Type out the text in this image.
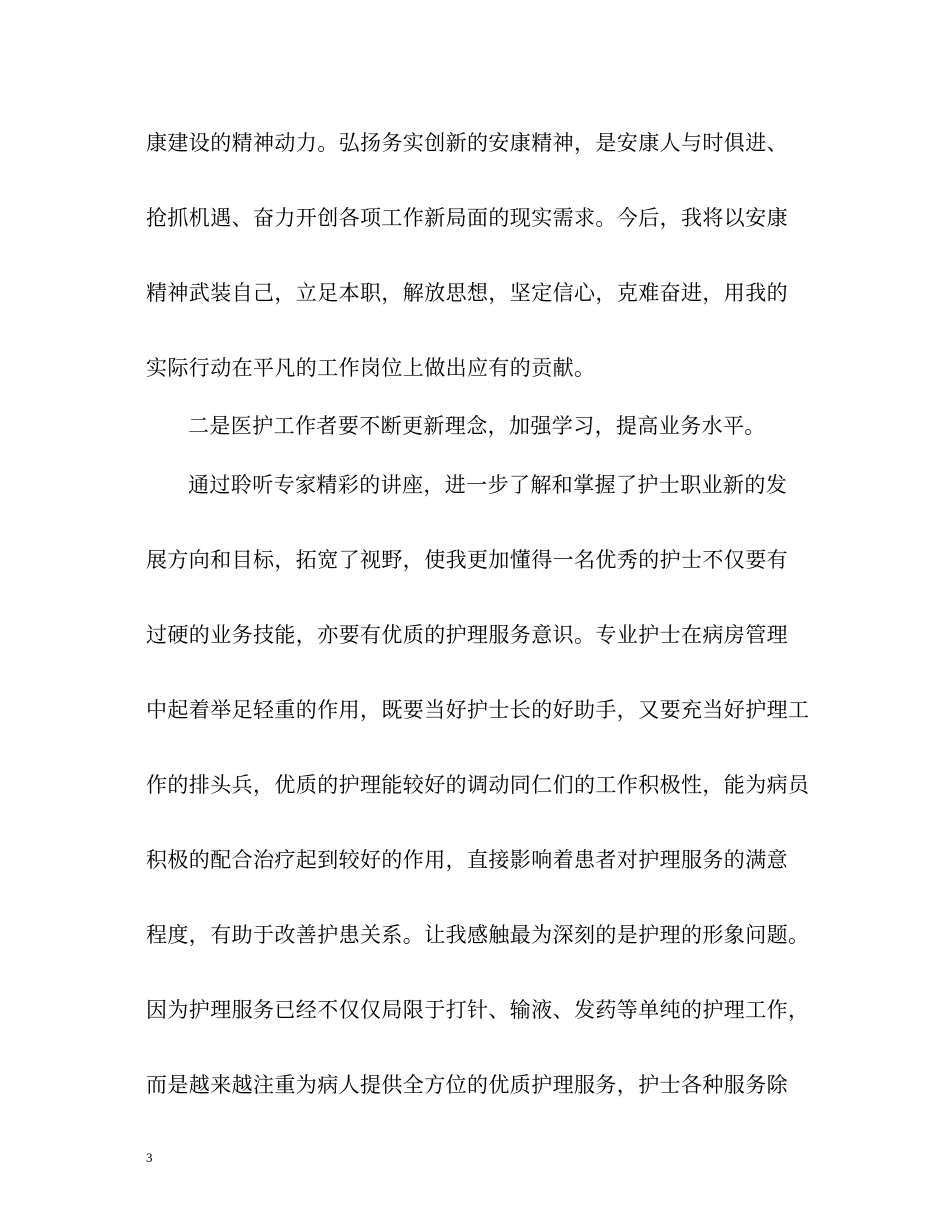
康建设的精神动力。弘扬务实创新的安康精神，是安康人与时俱进、
抢抓机遇、奋力开创各项工作新局面的现实需求。今后，我将以安康
精神武装自己，立足本职，解放思想，坚定信心，克难奋进，用我的
实际行动在平凡的工作岗位上做出应有的贡献。
二是医护工作者要不断更新理念，加强学习，提高业务水平。
通过聆听专家精彩的讲座，进一步了解和掌握了护士职业新的发
展方向和目标，拓宽了视野，使我更加懂得一名优秀的护士不仅要有
过硬的业务技能，亦要有优质的护理服务意识。专业护士在病房管理
中起着举足轻重的作用，既要当好护士长的好助手，又要充当好护理工
作的排头兵，优质的护理能较好的调动同仁们的工作积极性，能为病员
积极的配合治疗起到较好的作用，直接影响着患者对护理服务的满意
程度，有助于改善护患关系。让我感触最为深刻的是护理的形象问题。
因为护理服务已经不仅仅局限于打针、输液、发药等单纯的护理工作，
而是越来越注重为病人提供全方位的优质护理服务，护士各种服务除
3
